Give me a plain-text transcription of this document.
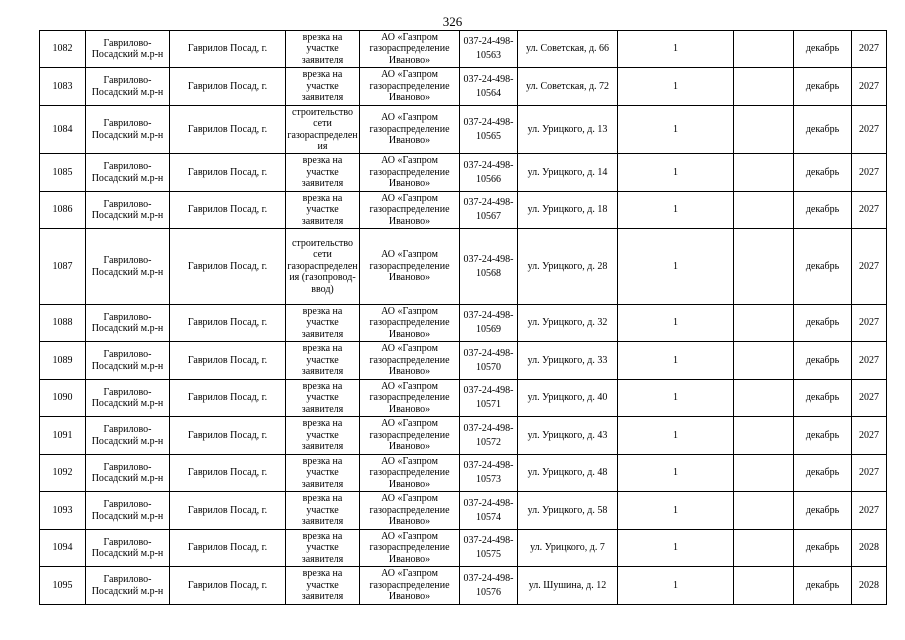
326
1082	Гаврилово-Посадский м.р-н	Гаврилов Посад, г.	врезка на участке заявителя	АО «Газпром газораспределение Иваново»	037-24-498-10563	ул. Советская, д. 66	1		декабрь	2027
1083	Гаврилово-Посадский м.р-н	Гаврилов Посад, г.	врезка на участке заявителя	АО «Газпром газораспределение Иваново»	037-24-498-10564	ул. Советская, д. 72	1		декабрь	2027
1084	Гаврилово-Посадский м.р-н	Гаврилов Посад, г.	строительство сети газораспределения	АО «Газпром газораспределение Иваново»	037-24-498-10565	ул. Урицкого, д. 13	1		декабрь	2027
1085	Гаврилово-Посадский м.р-н	Гаврилов Посад, г.	врезка на участке заявителя	АО «Газпром газораспределение Иваново»	037-24-498-10566	ул. Урицкого, д. 14	1		декабрь	2027
1086	Гаврилово-Посадский м.р-н	Гаврилов Посад, г.	врезка на участке заявителя	АО «Газпром газораспределение Иваново»	037-24-498-10567	ул. Урицкого, д. 18	1		декабрь	2027
1087	Гаврилово-Посадский м.р-н	Гаврилов Посад, г.	строительство сети газораспределения (газопровод-ввод)	АО «Газпром газораспределение Иваново»	037-24-498-10568	ул. Урицкого, д. 28	1		декабрь	2027
1088	Гаврилово-Посадский м.р-н	Гаврилов Посад, г.	врезка на участке заявителя	АО «Газпром газораспределение Иваново»	037-24-498-10569	ул. Урицкого, д. 32	1		декабрь	2027
1089	Гаврилово-Посадский м.р-н	Гаврилов Посад, г.	врезка на участке заявителя	АО «Газпром газораспределение Иваново»	037-24-498-10570	ул. Урицкого, д. 33	1		декабрь	2027
1090	Гаврилово-Посадский м.р-н	Гаврилов Посад, г.	врезка на участке заявителя	АО «Газпром газораспределение Иваново»	037-24-498-10571	ул. Урицкого, д. 40	1		декабрь	2027
1091	Гаврилово-Посадский м.р-н	Гаврилов Посад, г.	врезка на участке заявителя	АО «Газпром газораспределение Иваново»	037-24-498-10572	ул. Урицкого, д. 43	1		декабрь	2027
1092	Гаврилово-Посадский м.р-н	Гаврилов Посад, г.	врезка на участке заявителя	АО «Газпром газораспределение Иваново»	037-24-498-10573	ул. Урицкого, д. 48	1		декабрь	2027
1093	Гаврилово-Посадский м.р-н	Гаврилов Посад, г.	врезка на участке заявителя	АО «Газпром газораспределение Иваново»	037-24-498-10574	ул. Урицкого, д. 58	1		декабрь	2027
1094	Гаврилово-Посадский м.р-н	Гаврилов Посад, г.	врезка на участке заявителя	АО «Газпром газораспределение Иваново»	037-24-498-10575	ул. Урицкого, д. 7	1		декабрь	2028
1095	Гаврилово-Посадский м.р-н	Гаврилов Посад, г.	врезка на участке заявителя	АО «Газпром газораспределение Иваново»	037-24-498-10576	ул. Шушина, д. 12	1		декабрь	2028
